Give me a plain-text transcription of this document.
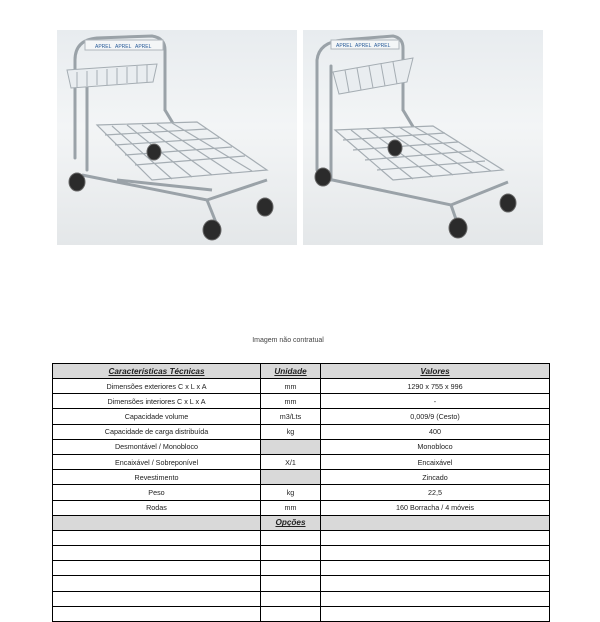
APREL APREL APREL	APREL APREL APREL
Imagem não contratual
Características Técnicas	Unidade	Valores
Dimensões exteriores C x L x A	mm	1290 x 755 x 996
Dimensões interiores C x L x A	mm	-
Capacidade volume	m3/Lts	0,009/9 (Cesto)
Capacidade de carga distribuída	kg	400
Desmontável / Monobloco		Monobloco
Encaixável / Sobreponível	X/1	Encaixável
Revestimento		Zincado
Peso	kg	22,5
Rodas	mm	160 Borracha / 4 móveis
	Opções	
